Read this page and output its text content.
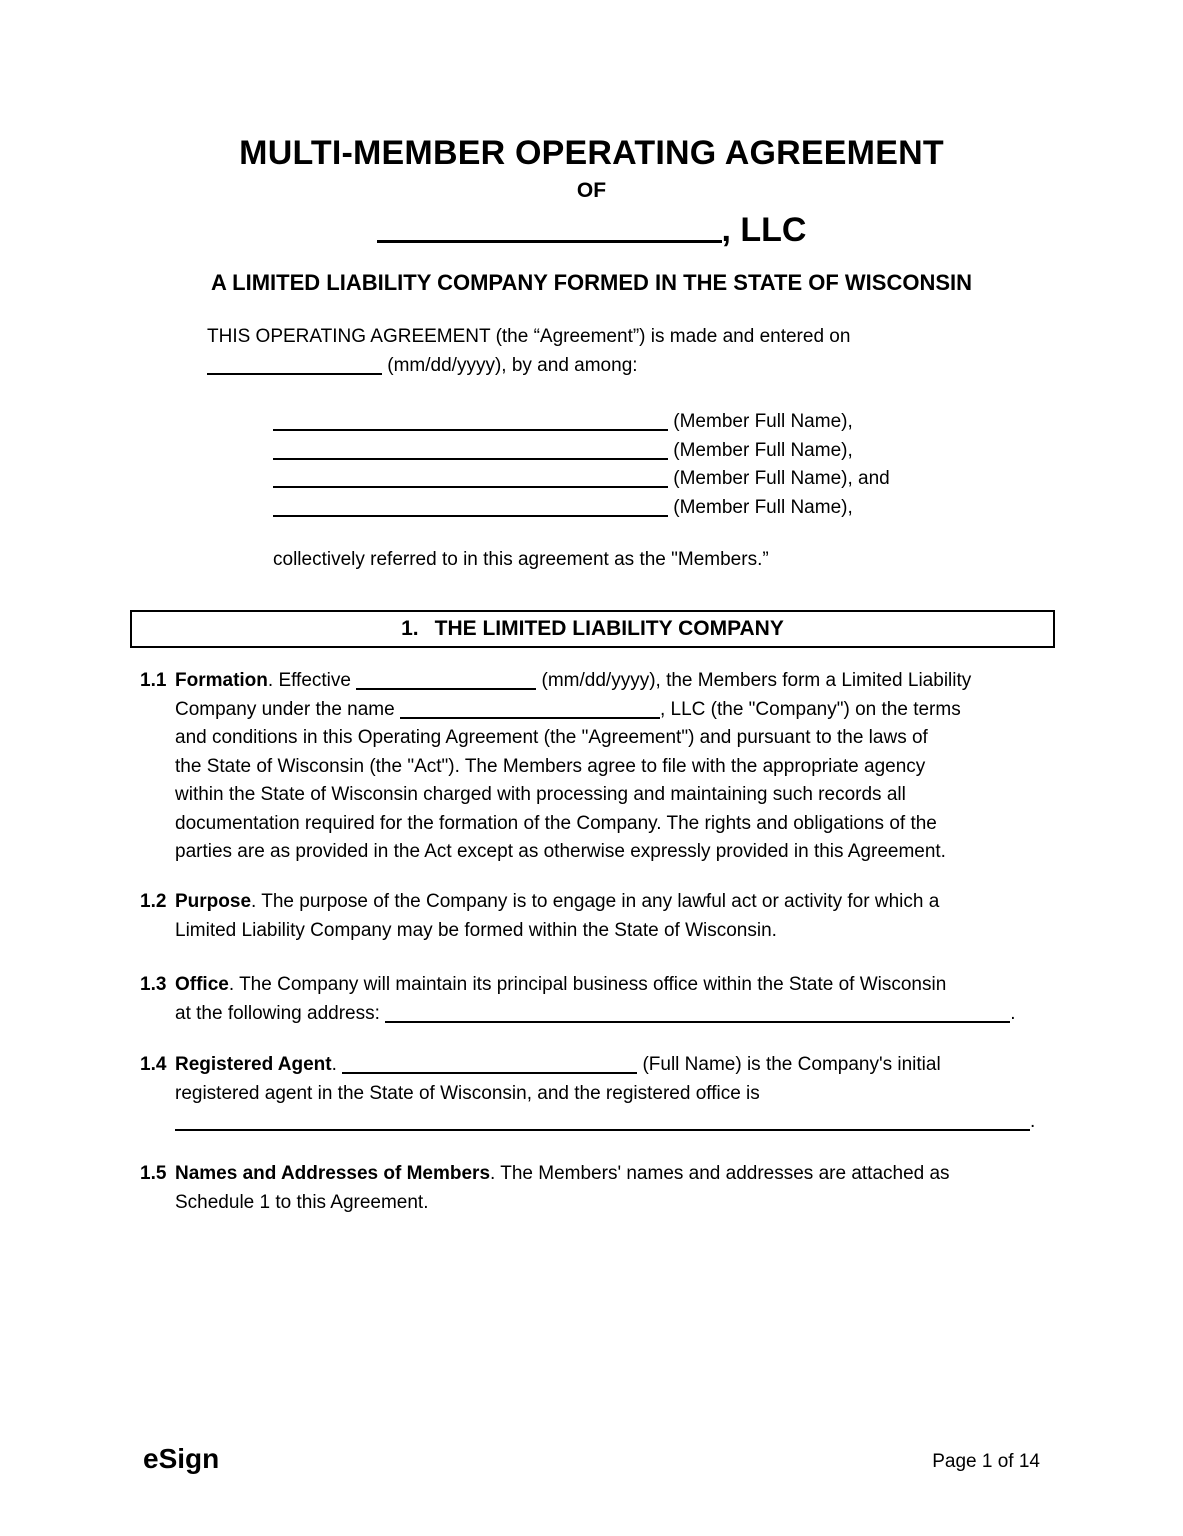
MULTI-MEMBER OPERATING AGREEMENT
OF
, LLC
A LIMITED LIABILITY COMPANY FORMED IN THE STATE OF WISCONSIN
THIS OPERATING AGREEMENT (the “Agreement”) is made and entered on
(mm/dd/yyyy), by and among:
(Member Full Name),
(Member Full Name),
(Member Full Name), and
(Member Full Name),
collectively referred to in this agreement as the "Members.”
1. THE LIMITED LIABILITY COMPANY
1.1 Formation. Effective	(mm/dd/yyyy), the Members form a Limited Liability
Company under the name	, LLC (the "Company") on the terms
and conditions in this Operating Agreement (the "Agreement") and pursuant to the laws of
the State of Wisconsin (the "Act"). The Members agree to file with the appropriate agency
within the State of Wisconsin charged with processing and maintaining such records all
documentation required for the formation of the Company. The rights and obligations of the
parties are as provided in the Act except as otherwise expressly provided in this Agreement.
1.2 Purpose. The purpose of the Company is to engage in any lawful act or activity for which a
Limited Liability Company may be formed within the State of Wisconsin.
1.3 Office. The Company will maintain its principal business office within the State of Wisconsin
at the following address:	.
1.4 Registered Agent.	(Full Name) is the Company's initial
registered agent in the State of Wisconsin, and the registered office is
.
1.5 Names and Addresses of Members. The Members' names and addresses are attached as
Schedule 1 to this Agreement.
eSign	Page 1 of 14
